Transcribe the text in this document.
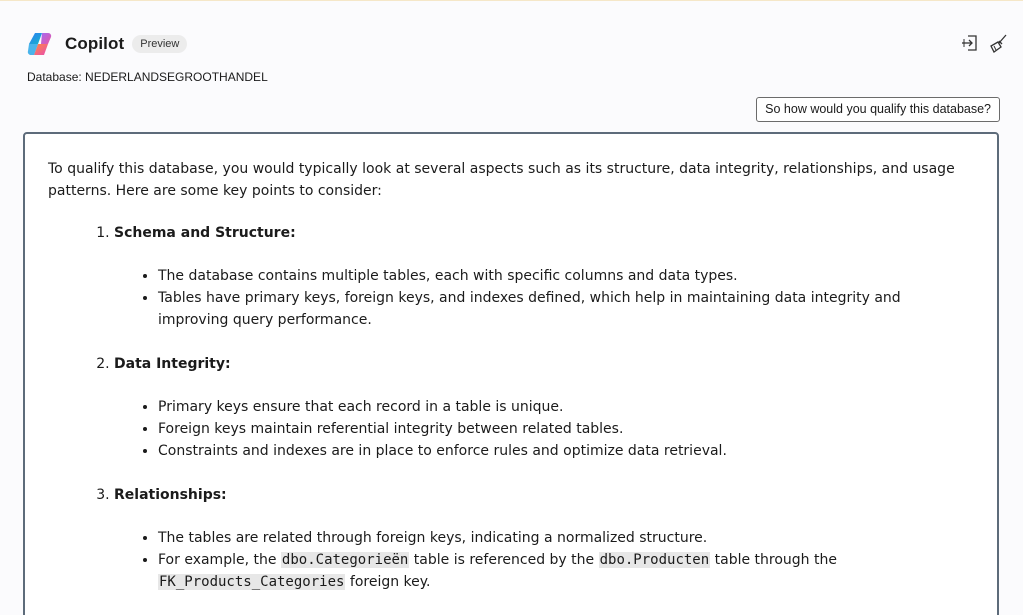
Copilot	Preview
Database: NEDERLANDSEGROOTHANDEL
So how would you qualify this database?

To qualify this database, you would typically look at several aspects such as its structure, data integrity, relationships, and usage patterns. Here are some key points to consider:

1. Schema and Structure:
• The database contains multiple tables, each with specific columns and data types.
• Tables have primary keys, foreign keys, and indexes defined, which help in maintaining data integrity and improving query performance.
2. Data Integrity:
• Primary keys ensure that each record in a table is unique.
• Foreign keys maintain referential integrity between related tables.
• Constraints and indexes are in place to enforce rules and optimize data retrieval.
3. Relationships:
• The tables are related through foreign keys, indicating a normalized structure.
• For example, the dbo.Categorieën table is referenced by the dbo.Producten table through the FK_Products_Categories foreign key.
